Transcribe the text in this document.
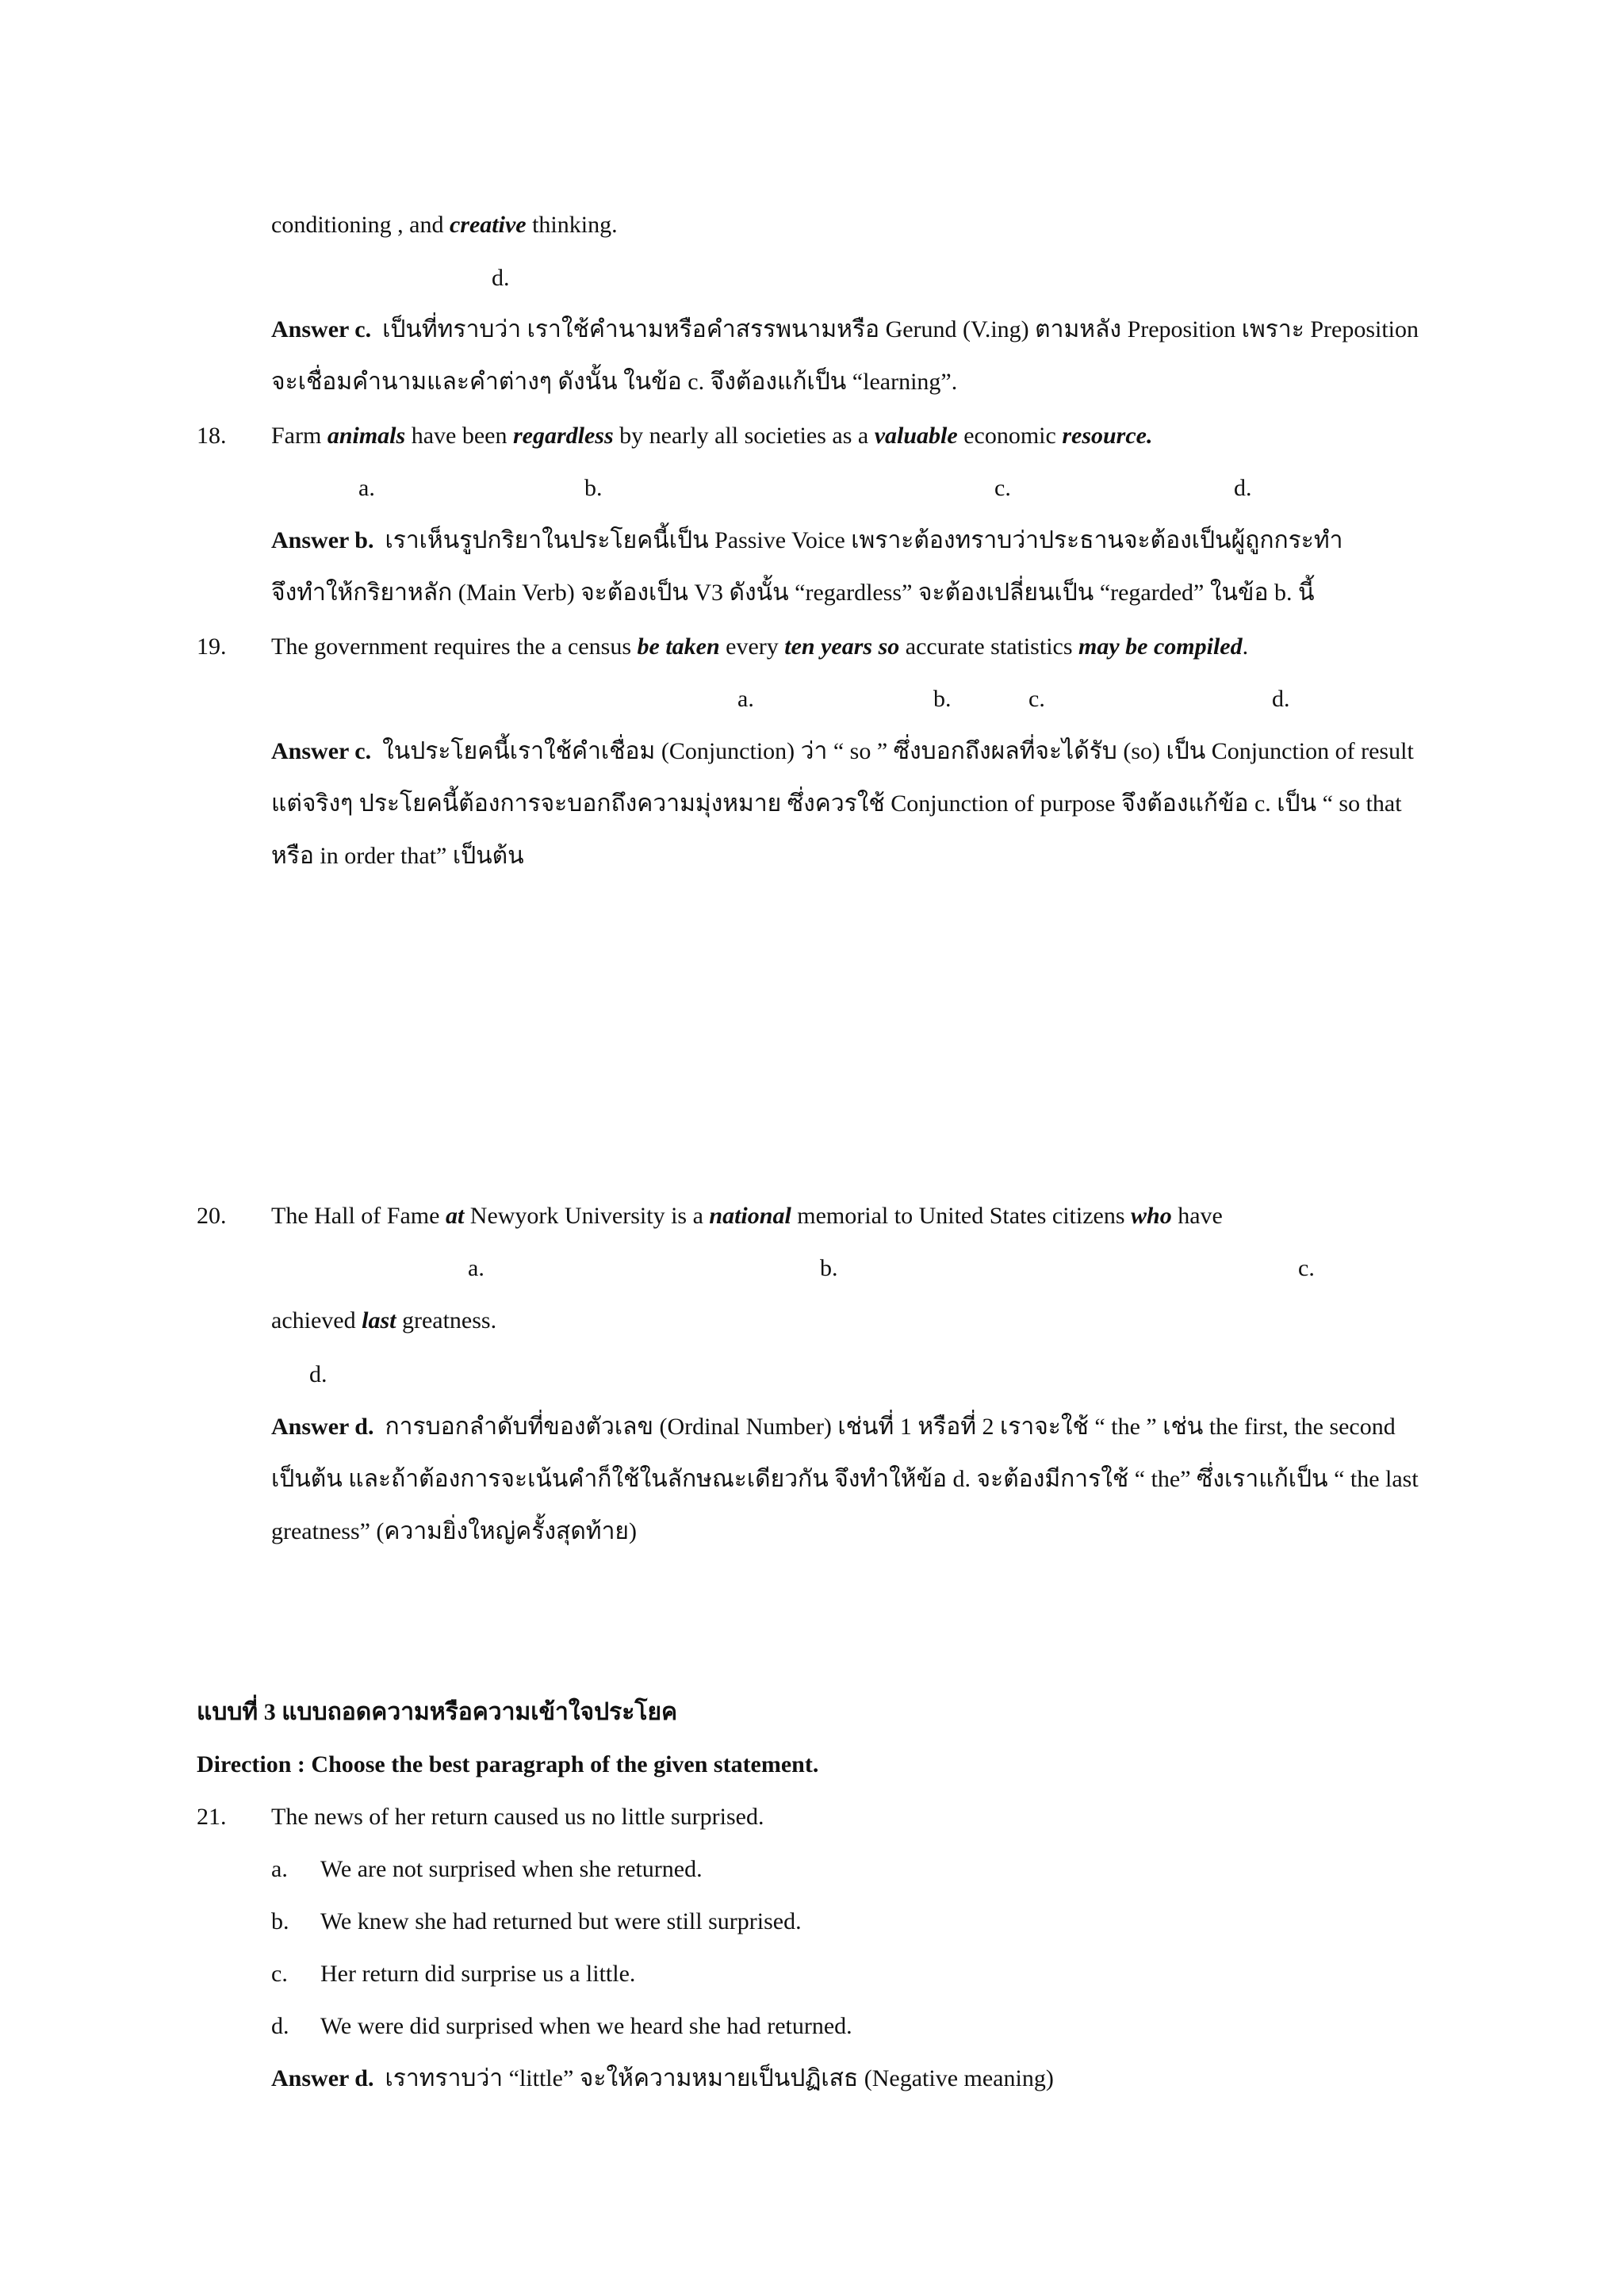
conditioning , and creative thinking.
d.
Answer c. เป็นที่ทราบว่า เราใช้คำนามหรือคำสรรพนามหรือ Gerund (V.ing) ตามหลัง Preposition เพราะ Preposition
จะเชื่อมคำนามและคำต่างๆ ดังนั้น ในข้อ c. จึงต้องแก้เป็น “learning”.
18. Farm animals have been regardless by nearly all societies as a valuable economic resource.
a.	b.	c.	d.
Answer b. เราเห็นรูปกริยาในประโยคนี้เป็น Passive Voice เพราะต้องทราบว่าประธานจะต้องเป็นผู้ถูกกระทำ
จึงทำให้กริยาหลัก (Main Verb) จะต้องเป็น V3 ดังนั้น “regardless” จะต้องเปลี่ยนเป็น “regarded” ในข้อ b. นี้
19. The government requires the a census be taken every ten years so accurate statistics may be compiled.
a.	b.	c.	d.
Answer c. ในประโยคนี้เราใช้คำเชื่อม (Conjunction) ว่า “ so ” ซึ่งบอกถึงผลที่จะได้รับ (so) เป็น Conjunction of result
แต่จริงๆ ประโยคนี้ต้องการจะบอกถึงความมุ่งหมาย ซึ่งควรใช้ Conjunction of purpose จึงต้องแก้ข้อ c. เป็น “ so that
หรือ in order that” เป็นต้น
20. The Hall of Fame at Newyork University is a national memorial to United States citizens who have
a.	b.	c.
achieved last greatness.
d.
Answer d. การบอกลำดับที่ของตัวเลข (Ordinal Number) เช่นที่ 1 หรือที่ 2 เราจะใช้ “ the ” เช่น the first, the second
เป็นต้น และถ้าต้องการจะเน้นคำก็ใช้ในลักษณะเดียวกัน จึงทำให้ข้อ d. จะต้องมีการใช้ “ the” ซึ่งเราแก้เป็น “ the last
greatness” (ความยิ่งใหญ่ครั้งสุดท้าย)
แบบที่ 3 แบบถอดความหรือความเข้าใจประโยค
Direction : Choose the best paragraph of the given statement.
21. The news of her return caused us no little surprised.
a. We are not surprised when she returned.
b. We knew she had returned but were still surprised.
c. Her return did surprise us a little.
d. We were did surprised when we heard she had returned.
Answer d. เราทราบว่า “little” จะให้ความหมายเป็นปฏิเสธ (Negative meaning)
